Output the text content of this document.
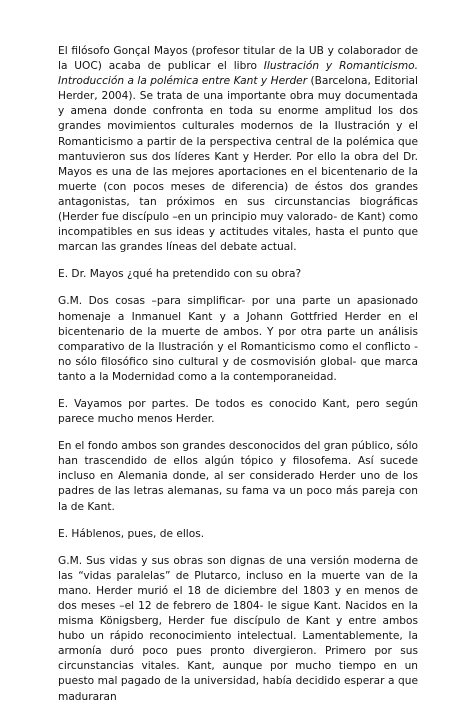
El filósofo Gonçal Mayos (profesor titular de la UB y colaborador de la UOC) acaba de publicar el libro Ilustración y Romanticismo. Introducción a la polémica entre Kant y Herder (Barcelona, Editorial Herder, 2004). Se trata de una importante obra muy documentada y amena donde confronta en toda su enorme amplitud los dos grandes movimientos culturales modernos de la Ilustración y el Romanticismo a partir de la perspectiva central de la polémica que mantuvieron sus dos líderes Kant y Herder. Por ello la obra del Dr. Mayos es una de las mejores aportaciones en el bicentenario de la muerte (con pocos meses de diferencia) de éstos dos grandes antagonistas, tan próximos en sus circunstancias biográficas (Herder fue discípulo –en un principio muy valorado- de Kant) como incompatibles en sus ideas y actitudes vitales, hasta el punto que marcan las grandes líneas del debate actual.

E. Dr. Mayos ¿qué ha pretendido con su obra?

G.M. Dos cosas –para simplificar- por una parte un apasionado homenaje a Inmanuel Kant y a Johann Gottfried Herder en el bicentenario de la muerte de ambos. Y por otra parte un análisis comparativo de la Ilustración y el Romanticismo como el conflicto -no sólo filosófico sino cultural y de cosmovisión global- que marca tanto a la Modernidad como a la contemporaneidad.

E. Vayamos por partes. De todos es conocido Kant, pero según parece mucho menos Herder.

En el fondo ambos son grandes desconocidos del gran público, sólo han trascendido de ellos algún tópico y filosofema. Así sucede incluso en Alemania donde, al ser considerado Herder uno de los padres de las letras alemanas, su fama va un poco más pareja con la de Kant.

E. Háblenos, pues, de ellos.

G.M. Sus vidas y sus obras son dignas de una versión moderna de las “vidas paralelas” de Plutarco, incluso en la muerte van de la mano. Herder murió el 18 de diciembre del 1803 y en menos de dos meses –el 12 de febrero de 1804- le sigue Kant. Nacidos en la misma Königsberg, Herder fue discípulo de Kant y entre ambos hubo un rápido reconocimiento intelectual. Lamentablemente, la armonía duró poco pues pronto divergieron. Primero por sus circunstancias vitales. Kant, aunque por mucho tiempo en un puesto mal pagado de la universidad, había decidido esperar a que maduraran
